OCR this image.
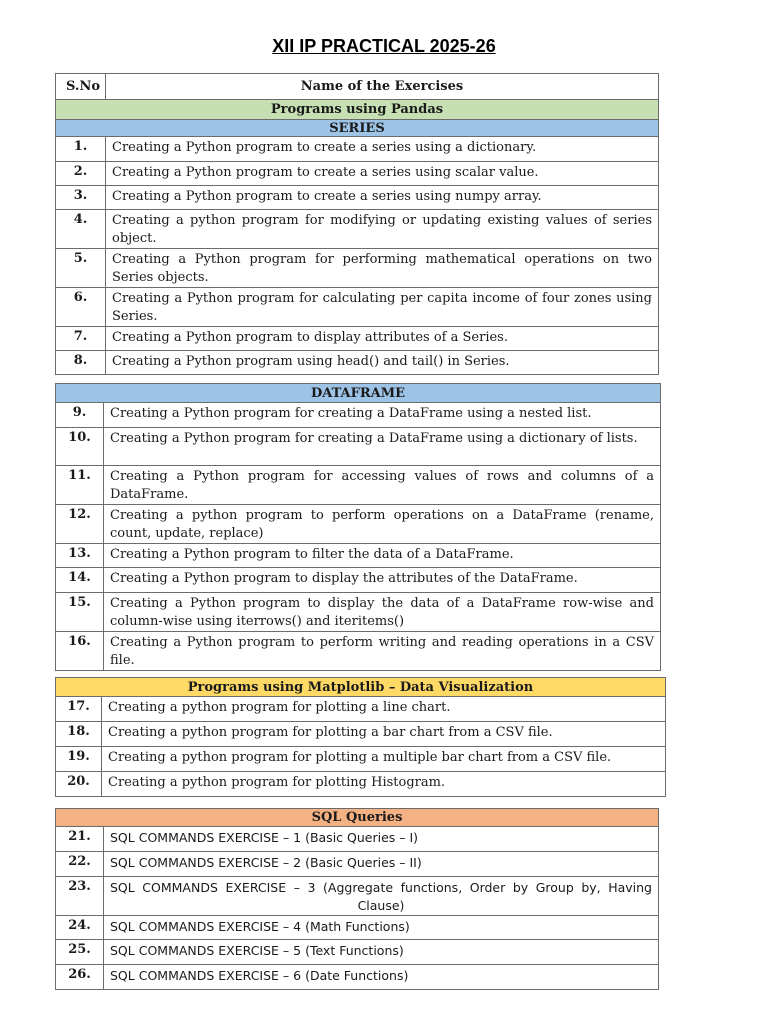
XII IP PRACTICAL 2025-26
S.No	Name of the Exercises
Programs using Pandas	
SERIES	
1.	Creating a Python program to create a series using a dictionary.
2.	Creating a Python program to create a series using scalar value.
3.	Creating a Python program to create a series using numpy array.
4.	Creating a python program for modifying or updating existing values of series object.
5.	Creating a Python program for performing mathematical operations on two Series objects.
6.	Creating a Python program for calculating per capita income of four zones using Series.
7.	Creating a Python program to display attributes of a Series.
8.	Creating a Python program using head() and tail() in Series.
DATAFRAME	
9.	Creating a Python program for creating a DataFrame using a nested list.
10.	Creating a Python program for creating a DataFrame using a dictionary of lists.
11.	Creating a Python program for accessing values of rows and columns of a DataFrame.
12.	Creating a python program to perform operations on a DataFrame (rename, count, update, replace)
13.	Creating a Python program to filter the data of a DataFrame.
14.	Creating a Python program to display the attributes of the DataFrame.
15.	Creating a Python program to display the data of a DataFrame row-wise and column-wise using iterrows() and iteritems()
16.	Creating a Python program to perform writing and reading operations in a CSV file.
Programs using Matplotlib – Data Visualization	
17.	Creating a python program for plotting a line chart.
18.	Creating a python program for plotting a bar chart from a CSV file.
19.	Creating a python program for plotting a multiple bar chart from a CSV file.
20.	Creating a python program for plotting Histogram.
SQL Queries	
21.	SQL COMMANDS EXERCISE – 1 (Basic Queries – I)
22.	SQL COMMANDS EXERCISE – 2 (Basic Queries – II)
23.	SQL COMMANDS EXERCISE – 3 (Aggregate functions, Order by Group by, Having Clause)
24.	SQL COMMANDS EXERCISE – 4 (Math Functions)
25.	SQL COMMANDS EXERCISE – 5 (Text Functions)
26.	SQL COMMANDS EXERCISE – 6 (Date Functions)
